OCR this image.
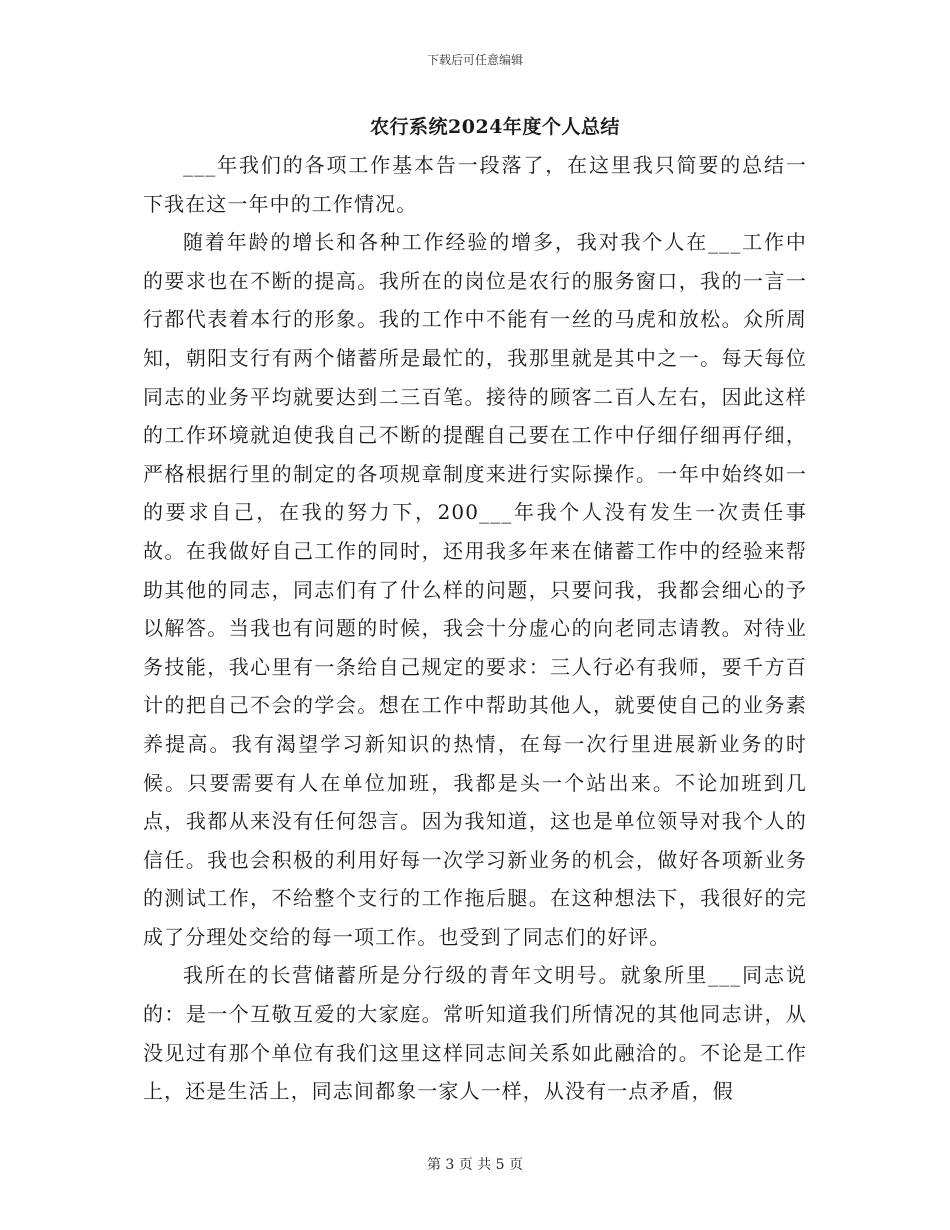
下载后可任意编辑
农行系统2024年度个人总结

___年我们的各项工作基本告一段落了，在这里我只简要的总结一下我在这一年中的工作情况。

随着年龄的增长和各种工作经验的增多，我对我个人在___工作中的要求也在不断的提高。我所在的岗位是农行的服务窗口，我的一言一行都代表着本行的形象。我的工作中不能有一丝的马虎和放松。众所周知，朝阳支行有两个储蓄所是最忙的，我那里就是其中之一。每天每位同志的业务平均就要达到二三百笔。接待的顾客二百人左右，因此这样的工作环境就迫使我自己不断的提醒自己要在工作中仔细仔细再仔细，严格根据行里的制定的各项规章制度来进行实际操作。一年中始终如一的要求自己，在我的努力下，200___年我个人没有发生一次责任事故。在我做好自己工作的同时，还用我多年来在储蓄工作中的经验来帮助其他的同志，同志们有了什么样的问题，只要问我，我都会细心的予以解答。当我也有问题的时候，我会十分虚心的向老同志请教。对待业务技能，我心里有一条给自己规定的要求：三人行必有我师，要千方百计的把自己不会的学会。想在工作中帮助其他人，就要使自己的业务素养提高。我有渴望学习新知识的热情，在每一次行里进展新业务的时候。只要需要有人在单位加班，我都是头一个站出来。不论加班到几点，我都从来没有任何怨言。因为我知道，这也是单位领导对我个人的信任。我也会积极的利用好每一次学习新业务的机会，做好各项新业务的测试工作，不给整个支行的工作拖后腿。在这种想法下，我很好的完成了分理处交给的每一项工作。也受到了同志们的好评。

我所在的长营储蓄所是分行级的青年文明号。就象所里___同志说的：是一个互敬互爱的大家庭。常听知道我们所情况的其他同志讲，从没见过有那个单位有我们这里这样同志间关系如此融洽的。不论是工作上，还是生活上，同志间都象一家人一样，从没有一点矛盾，假

第 3 页 共 5 页
